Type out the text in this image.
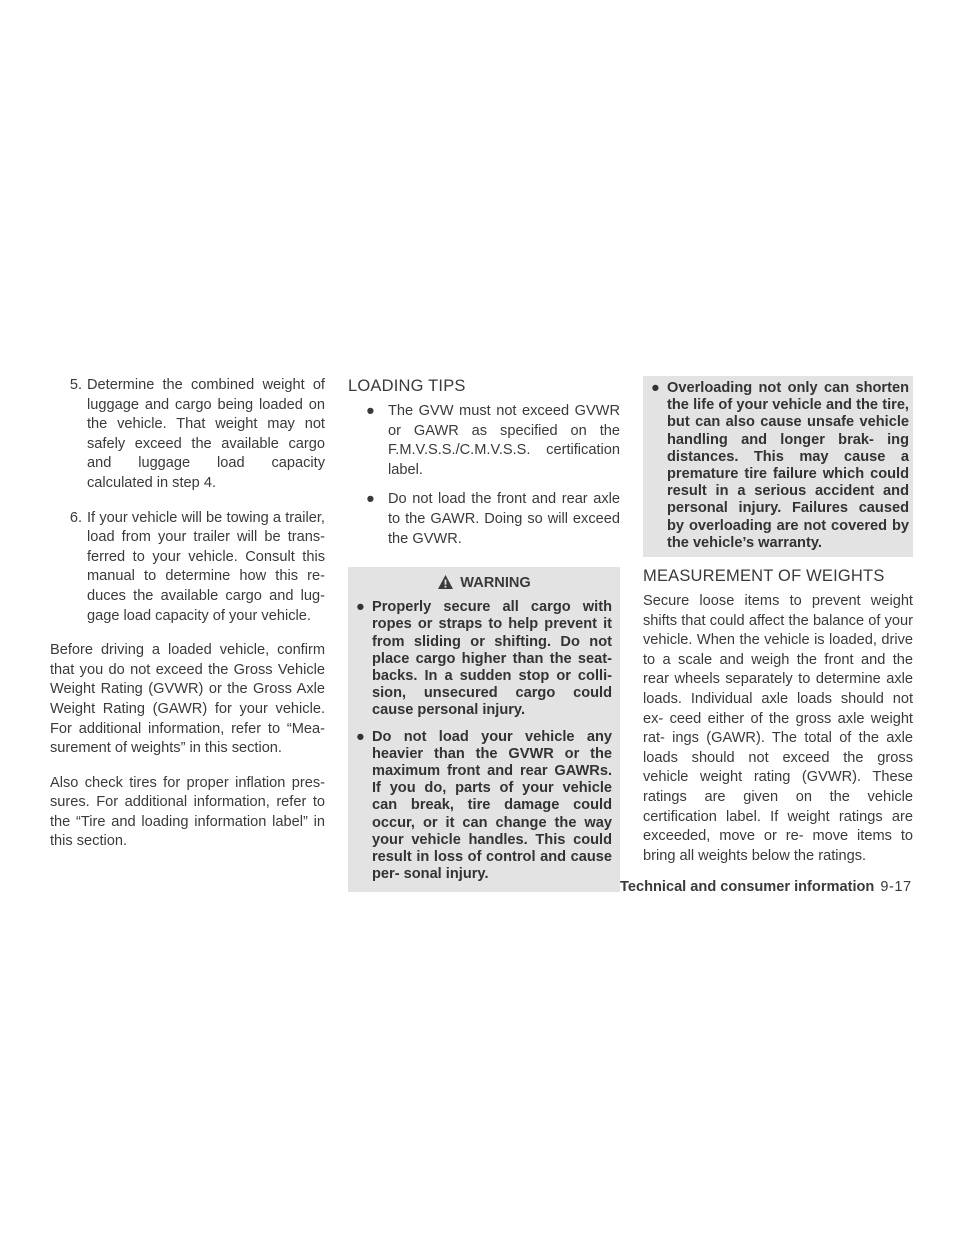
5. Determine the combined weight of luggage and cargo being loaded on the vehicle. That weight may not safely exceed the available cargo and luggage load capacity calculated in step 4.
6. If your vehicle will be towing a trailer, load from your trailer will be trans- ferred to your vehicle. Consult this manual to determine how this re- duces the available cargo and lug- gage load capacity of your vehicle.

Before driving a loaded vehicle, confirm that you do not exceed the Gross Vehicle Weight Rating (GVWR) or the Gross Axle Weight Rating (GAWR) for your vehicle. For additional information, refer to “Mea- surement of weights” in this section.

Also check tires for proper inflation pres- sures. For additional information, refer to the “Tire and loading information label” in this section.

LOADING TIPS
● The GVW must not exceed GVWR or GAWR as specified on the F.M.V.S.S./C.M.V.S.S. certification label.
● Do not load the front and rear axle to the GAWR. Doing so will exceed the GVWR.
WARNING
● Properly secure all cargo with ropes or straps to help prevent it from sliding or shifting. Do not place cargo higher than the seat- backs. In a sudden stop or colli- sion, unsecured cargo could cause personal injury.
● Do not load your vehicle any heavier than the GVWR or the maximum front and rear GAWRs. If you do, parts of your vehicle can break, tire damage could occur, or it can change the way your vehicle handles. This could result in loss of control and cause per- sonal injury.
● Overloading not only can shorten the life of your vehicle and the tire, but can also cause unsafe vehicle handling and longer brak- ing distances. This may cause a premature tire failure which could result in a serious accident and personal injury. Failures caused by overloading are not covered by the vehicle’s warranty.
MEASUREMENT OF WEIGHTS

Secure loose items to prevent weight shifts that could affect the balance of your vehicle. When the vehicle is loaded, drive to a scale and weigh the front and the rear wheels separately to determine axle loads. Individual axle loads should not ex- ceed either of the gross axle weight rat- ings (GAWR). The total of the axle loads should not exceed the gross vehicle weight rating (GVWR). These ratings are given on the vehicle certification label. If weight ratings are exceeded, move or re- move items to bring all weights below the ratings.

Technical and consumer information 9-17
